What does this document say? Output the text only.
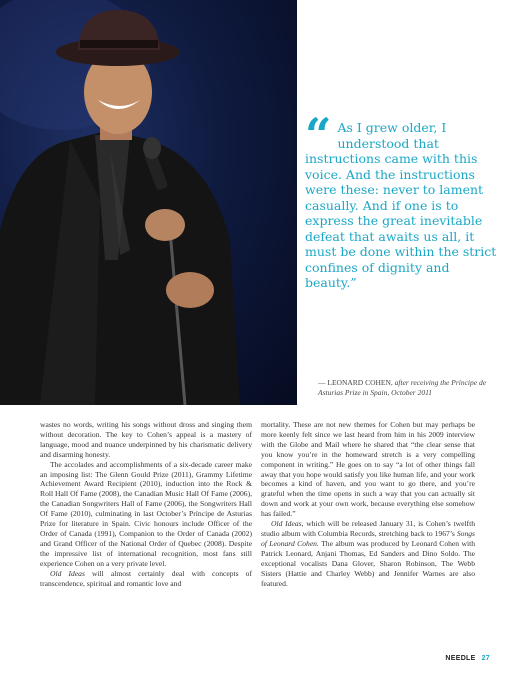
“ As I grew older, I understood that instructions came with this voice. And the instructions were these: never to lament casually. And if one is to express the great inevitable defeat that awaits us all, it must be done within the strict confines of dignity and beauty.”

— LEONARD COHEN, after receiving the Príncipe de Asturias Prize in Spain, October 2011

wastes no words, writing his songs without dross and singing them without decoration. The key to Cohen’s appeal is a mastery of language, mood and nuance underpinned by his charismatic delivery and disarming honesty.

The accolades and accomplishments of a six-decade career make an imposing list: The Glenn Gould Prize (2011), Grammy Lifetime Achievement Award Recipient (2010), induction into the Rock & Roll Hall Of Fame (2008), the Canadian Music Hall Of Fame (2006), the Canadian Songwriters Hall of Fame (2006), the Songwriters Hall Of Fame (2010), culminating in last October’s Príncipe de Asturias Prize for literature in Spain. Civic honours include Officer of the Order of Canada (1991), Companion to the Order of Canada (2002) and Grand Officer of the National Order of Quebec (2008). Despite the impressive list of international recognition, most fans still experience Cohen on a very private level.

Old Ideas will almost certainly deal with concepts of transcendence, spiritual and romantic love and

mortality. These are not new themes for Cohen but may perhaps be more keenly felt since we last heard from him in his 2009 interview with the Globe and Mail where he shared that “the clear sense that you know you’re in the homeward stretch is a very compelling component in writing.” He goes on to say “a lot of other things fall away that you hope would satisfy you like human life, and your work becomes a kind of haven, and you want to go there, and you’re grateful when the time opens in such a way that you can actually sit down and work at your own work, because everything else somehow has failed.”

Old Ideas, which will be released January 31, is Cohen’s twelfth studio album with Columbia Records, stretching back to 1967’s Songs of Leonard Cohen. The album was produced by Leonard Cohen with Patrick Leonard, Anjani Thomas, Ed Sanders and Dino Soldo. The exceptional vocalists Dana Glover, Sharon Robinson, The Webb Sisters (Hattie and Charley Webb) and Jennifer Warnes are also featured.

NEEDLE 27
